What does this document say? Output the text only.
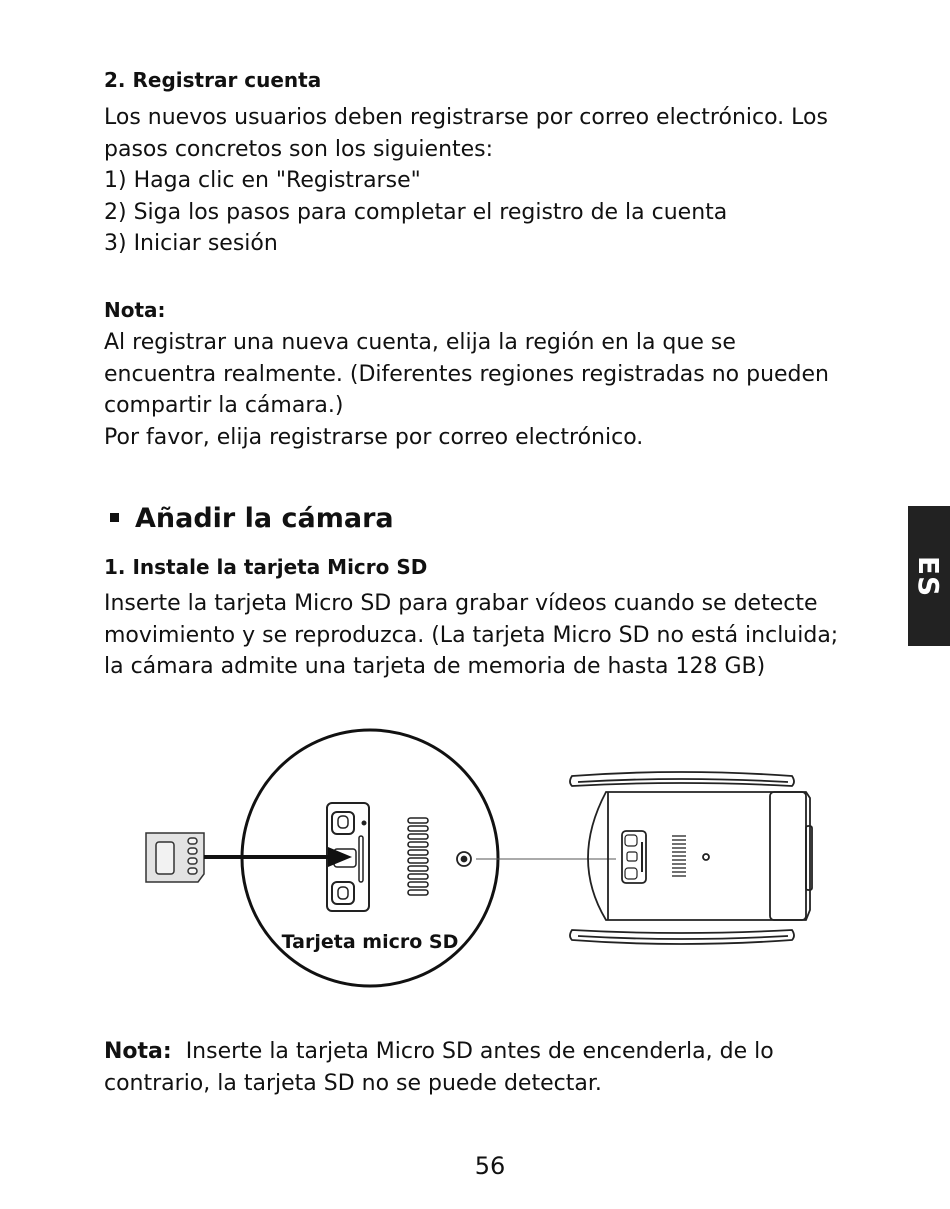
2. Registrar cuenta
Los nuevos usuarios deben registrarse por correo electrónico. Los
pasos concretos son los siguientes:
1) Haga clic en "Registrarse"
2) Siga los pasos para completar el registro de la cuenta
3) Iniciar sesión
Nota:
Al registrar una nueva cuenta, elija la región en la que se
encuentra realmente. (Diferentes regiones registradas no pueden
compartir la cámara.)
Por favor, elija registrarse por correo electrónico.
Añadir la cámara
1. Instale la tarjeta Micro SD
Inserte la tarjeta Micro SD para grabar vídeos cuando se detecte
movimiento y se reproduzca. (La tarjeta Micro SD no está incluida;
la cámara admite una tarjeta de memoria de hasta 128 GB)
ES
Tarjeta micro SD
Nota: Inserte la tarjeta Micro SD antes de encenderla, de lo
contrario, la tarjeta SD no se puede detectar.
56
